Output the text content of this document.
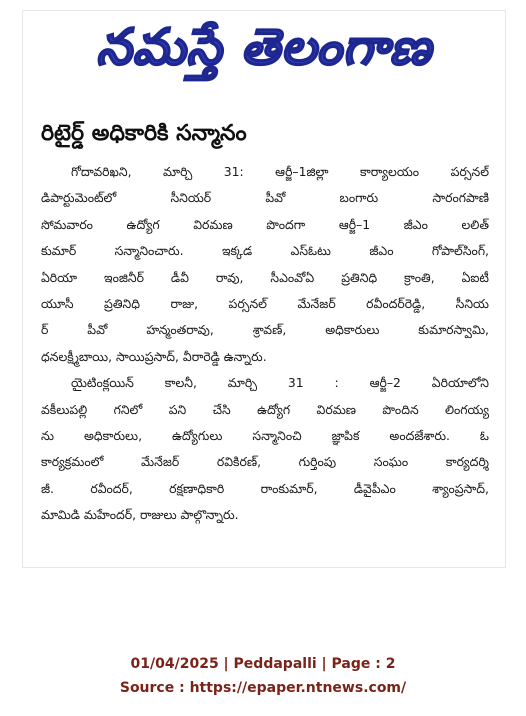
నమస్తే తెలంగాణ
రిటైర్డ్ అధికారికి సన్మానం
గోదావరిఖని, మార్చి 31: ఆర్జీ–1జిల్లా కార్యాలయం పర్సనల్
డిపార్టుమెంట్‌లో సీనియర్ పీవో బంగారు సారంగపాణి
సోమవారం ఉద్యోగ విరమణ పొందగా ఆర్జీ–1 జీఎం లలిత్
కుమార్ సన్మానించారు. ఇక్కడ ఎస్ఓటు జీఎం గోపాల్‌సింగ్,
ఏరియా ఇంజినీర్ డీవీ రావు, సీఎంవోఏ ప్రతినిధి క్రాంతి, ఏఐటీ
యూసీ ప్రతినిధి రాజు, పర్సనల్ మేనేజర్ రవీందర్‌రెడ్డి, సీనియ
ర్ పీవో హన్మంతరావు, శ్రావణ్, అధికారులు కుమారస్వామి,
ధనలక్ష్మీబాయి, సాయిప్రసాద్, వీరారెడ్డి ఉన్నారు.
యైటింక్లయిన్ కాలనీ, మార్చి 31 : ఆర్జీ–2 ఏరియాలోని
వకీలుపల్లి గనిలో పని చేసి ఉద్యోగ విరమణ పొందిన లింగయ్య
ను అధికారులు, ఉద్యోగులు సన్మానించి జ్ఞాపిక అందజేశారు. ఓ
కార్యక్రమంలో మేనేజర్ రవికిరణ్, గుర్తింపు సంఘం కార్యదర్శి
జీ. రవీందర్, రక్షణాధికారి రాంకుమార్, డీవైపీఎం శ్యాంప్రసాద్,
మామిడి మహేందర్, రాజులు పాల్గొన్నారు.
01/04/2025 | Peddapalli | Page : 2
Source : https://epaper.ntnews.com/
